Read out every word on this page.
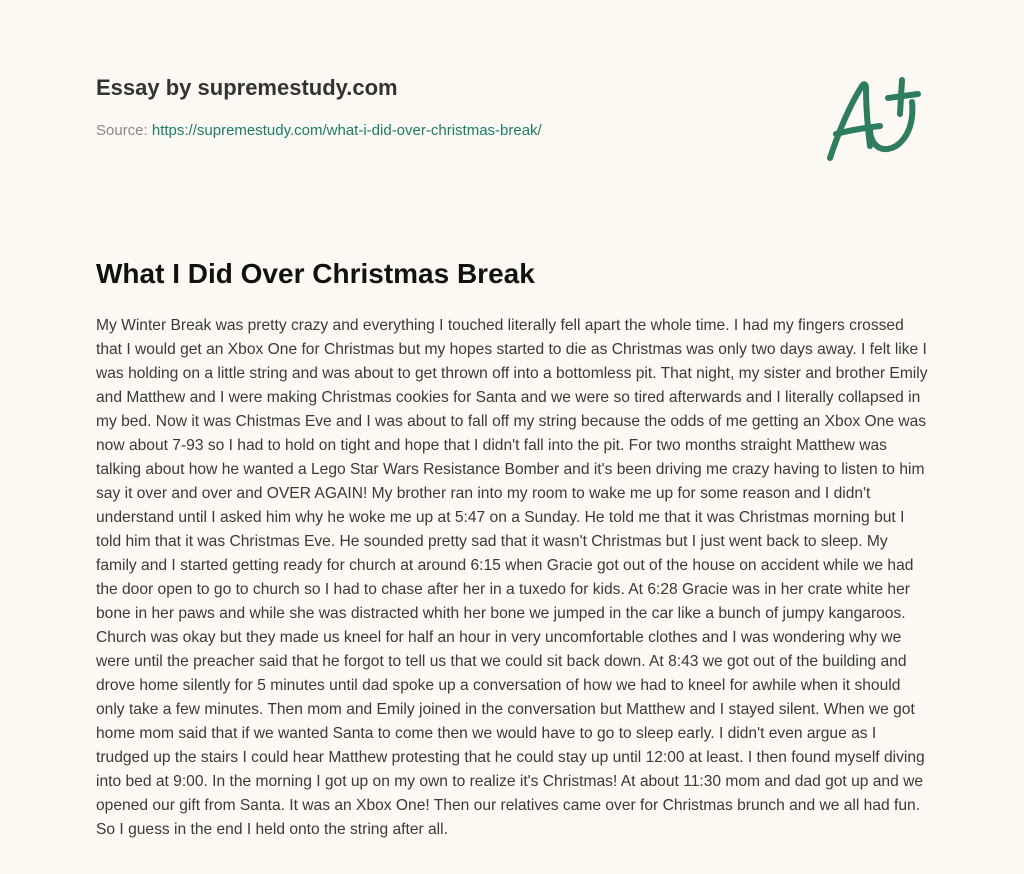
Essay by supremestudy.com
Source: https://supremestudy.com/what-i-did-over-christmas-break/
What I Did Over Christmas Break

My Winter Break was pretty crazy and everything I touched literally fell apart the whole time. I had my fingers crossed that I would get an Xbox One for Christmas but my hopes started to die as Christmas was only two days away. I felt like I was holding on a little string and was about to get thrown off into a bottomless pit. That night, my sister and brother Emily and Matthew and I were making Christmas cookies for Santa and we were so tired afterwards and I literally collapsed in my bed. Now it was Chistmas Eve and I was about to fall off my string because the odds of me getting an Xbox One was now about 7-93 so I had to hold on tight and hope that I didn't fall into the pit. For two months straight Matthew was talking about how he wanted a Lego Star Wars Resistance Bomber and it's been driving me crazy having to listen to him say it over and over and OVER AGAIN! My brother ran into my room to wake me up for some reason and I didn't understand until I asked him why he woke me up at 5:47 on a Sunday. He told me that it was Christmas morning but I told him that it was Christmas Eve. He sounded pretty sad that it wasn't Christmas but I just went back to sleep. My family and I started getting ready for church at around 6:15 when Gracie got out of the house on accident while we had the door open to go to church so I had to chase after her in a tuxedo for kids. At 6:28 Gracie was in her crate white her bone in her paws and while she was distracted whith her bone we jumped in the car like a bunch of jumpy kangaroos. Church was okay but they made us kneel for half an hour in very uncomfortable clothes and I was wondering why we were until the preacher said that he forgot to tell us that we could sit back down. At 8:43 we got out of the building and drove home silently for 5 minutes until dad spoke up a conversation of how we had to kneel for awhile when it should only take a few minutes. Then mom and Emily joined in the conversation but Matthew and I stayed silent. When we got home mom said that if we wanted Santa to come then we would have to go to sleep early. I didn't even argue as I trudged up the stairs I could hear Matthew protesting that he could stay up until 12:00 at least. I then found myself diving into bed at 9:00. In the morning I got up on my own to realize it's Christmas! At about 11:30 mom and dad got up and we opened our gift from Santa. It was an Xbox One! Then our relatives came over for Christmas brunch and we all had fun. So I guess in the end I held onto the string after all.
